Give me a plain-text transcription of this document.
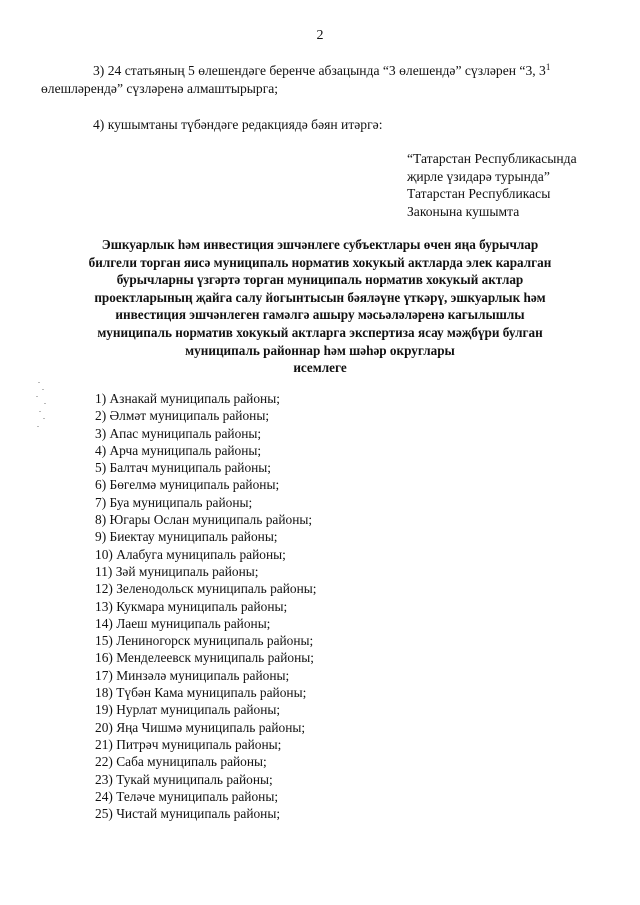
2
3) 24 статьяның 5 өлешендәге беренче абзацында “3 өлешендә” сүзләрен “3, $3^1$
өлешләрендә” сүзләренә алмаштырырга;
4) кушымтаны түбәндәге редакциядә бәян итәргә:
“Татарстан Республикасында
җирле үзидарә турында”
Татарстан Республикасы
Законына кушымта
Эшкуарлык һәм инвестиция эшчәнлеге субъектлары өчен яңа бурычлар
билгели торган яисә муниципаль норматив хокукый актларда элек каралган
бурычларны үзгәртә торган муниципаль норматив хокукый актлар
проектларының җайга салу йогынтысын бәяләүне үткәрү, эшкуарлык һәм
инвестиция эшчәнлеген гамәлгә ашыру мәсьәләләренә кагылышлы
муниципаль норматив хокукый актларга экспертиза ясау мәҗбүри булган
муниципаль районнар һәм шәһәр округлары
исемлеге
1) Азнакай муниципаль районы;
2) Әлмәт муниципаль районы;
3) Апас муниципаль районы;
4) Арча муниципаль районы;
5) Балтач муниципаль районы;
6) Бөгелмә муниципаль районы;
7) Буа муниципаль районы;
8) Югары Ослан муниципаль районы;
9) Биектау муниципаль районы;
10) Алабуга муниципаль районы;
11) Зәй муниципаль районы;
12) Зеленодольск муниципаль районы;
13) Кукмара муниципаль районы;
14) Лаеш муниципаль районы;
15) Лениногорск муниципаль районы;
16) Менделеевск муниципаль районы;
17) Минзәлә муниципаль районы;
18) Түбән Кама муниципаль районы;
19) Нурлат муниципаль районы;
20) Яңа Чишмә муниципаль районы;
21) Питрәч муниципаль районы;
22) Саба муниципаль районы;
23) Тукай муниципаль районы;
24) Теләче муниципаль районы;
25) Чистай муниципаль районы;
